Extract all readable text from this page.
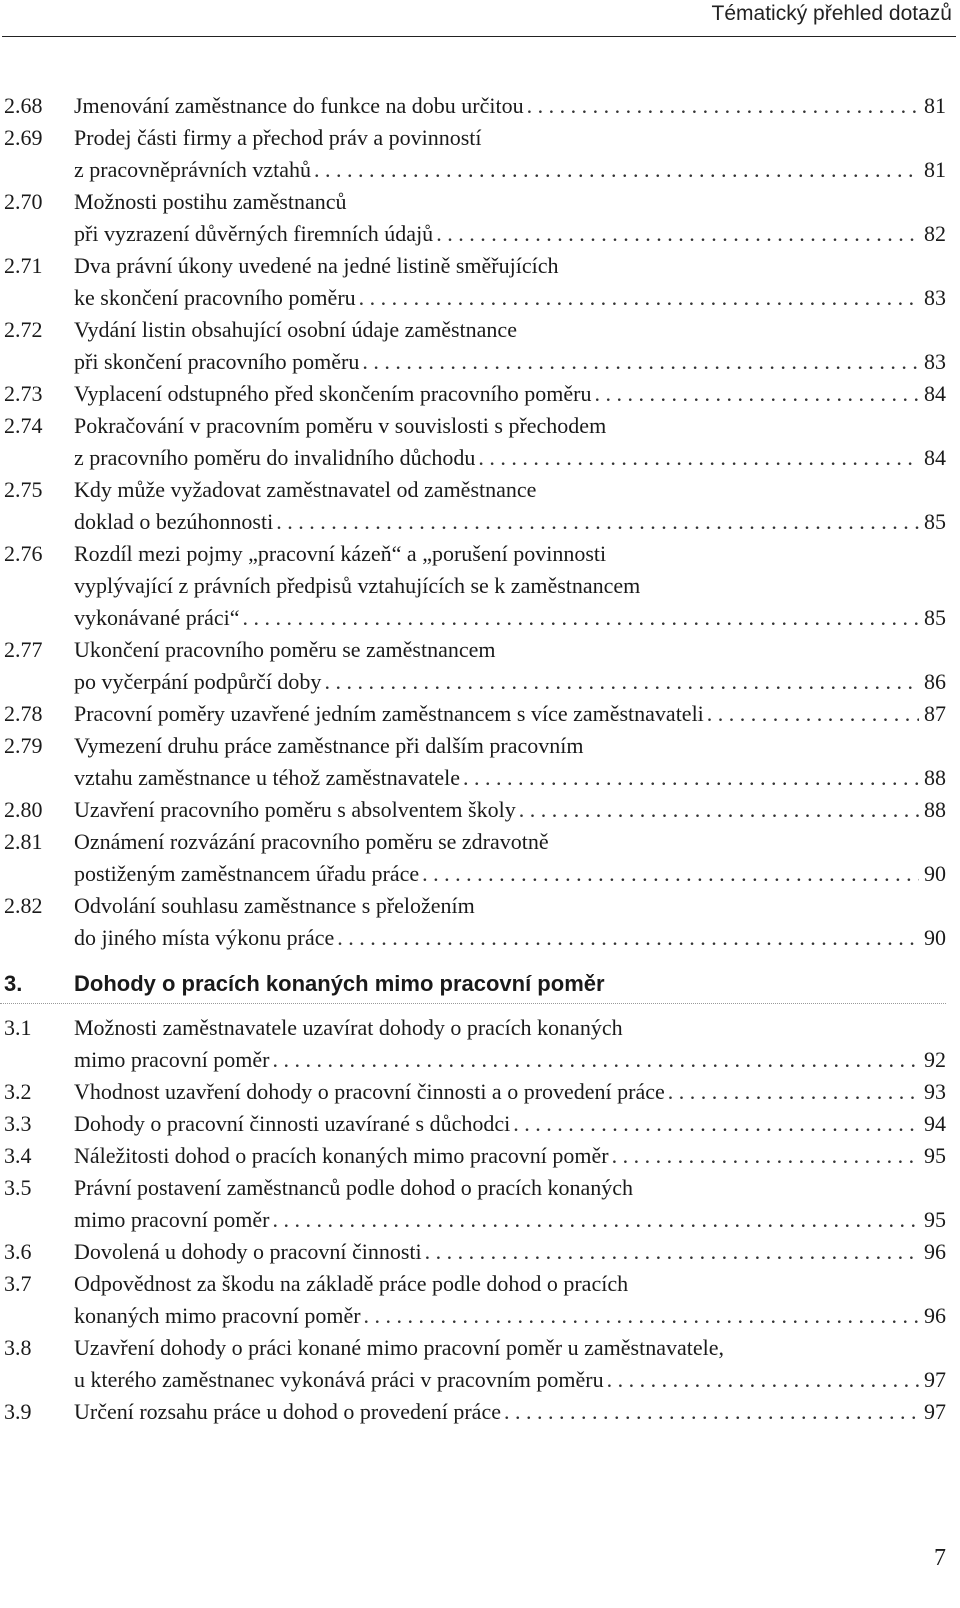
Tématický přehled dotazů
2.68	Jmenování zaměstnance do funkce na dobu určitou . . .	81
2.69	Prodej části firmy a přechod práv a povinností
z pracovněprávních vztahů . . .	81
2.70	Možnosti postihu zaměstnanců
při vyzrazení důvěrných firemních údajů . . .	82
2.71	Dva právní úkony uvedené na jedné listině směřujících
ke skončení pracovního poměru . . .	83
2.72	Vydání listin obsahující osobní údaje zaměstnance
při skončení pracovního poměru . . .	83
2.73	Vyplacení odstupného před skončením pracovního poměru . . .	84
2.74	Pokračování v pracovním poměru v souvislosti s přechodem
z pracovního poměru do invalidního důchodu . . .	84
2.75	Kdy může vyžadovat zaměstnavatel od zaměstnance
doklad o bezúhonnosti . . .	85
2.76	Rozdíl mezi pojmy „pracovní kázeň“ a „porušení povinnosti
vyplývající z právních předpisů vztahujících se k zaměstnancem
vykonávané práci“ . . .	85
2.77	Ukončení pracovního poměru se zaměstnancem
po vyčerpání podpůrčí doby . . .	86
2.78	Pracovní poměry uzavřené jedním zaměstnancem s více zaměstnavateli . . .	87
2.79	Vymezení druhu práce zaměstnance při dalším pracovním
vztahu zaměstnance u téhož zaměstnavatele . . .	88
2.80	Uzavření pracovního poměru s absolventem školy . . .	88
2.81	Oznámení rozvázání pracovního poměru se zdravotně
postiženým zaměstnancem úřadu práce . . .	90
2.82	Odvolání souhlasu zaměstnance s přeložením
do jiného místa výkonu práce . . .	90
3.	Dohody o pracích konaných mimo pracovní poměr
3.1	Možnosti zaměstnavatele uzavírat dohody o pracích konaných
mimo pracovní poměr . . .	92
3.2	Vhodnost uzavření dohody o pracovní činnosti a o provedení práce . . .	93
3.3	Dohody o pracovní činnosti uzavírané s důchodci . . .	94
3.4	Náležitosti dohod o pracích konaných mimo pracovní poměr . . .	95
3.5	Právní postavení zaměstnanců podle dohod o pracích konaných
mimo pracovní poměr . . .	95
3.6	Dovolená u dohody o pracovní činnosti . . .	96
3.7	Odpovědnost za škodu na základě práce podle dohod o pracích
konaných mimo pracovní poměr . . .	96
3.8	Uzavření dohody o práci konané mimo pracovní poměr u zaměstnavatele,
u kterého zaměstnanec vykonává práci v pracovním poměru . . .	97
3.9	Určení rozsahu práce u dohod o provedení práce . . .	97
7
